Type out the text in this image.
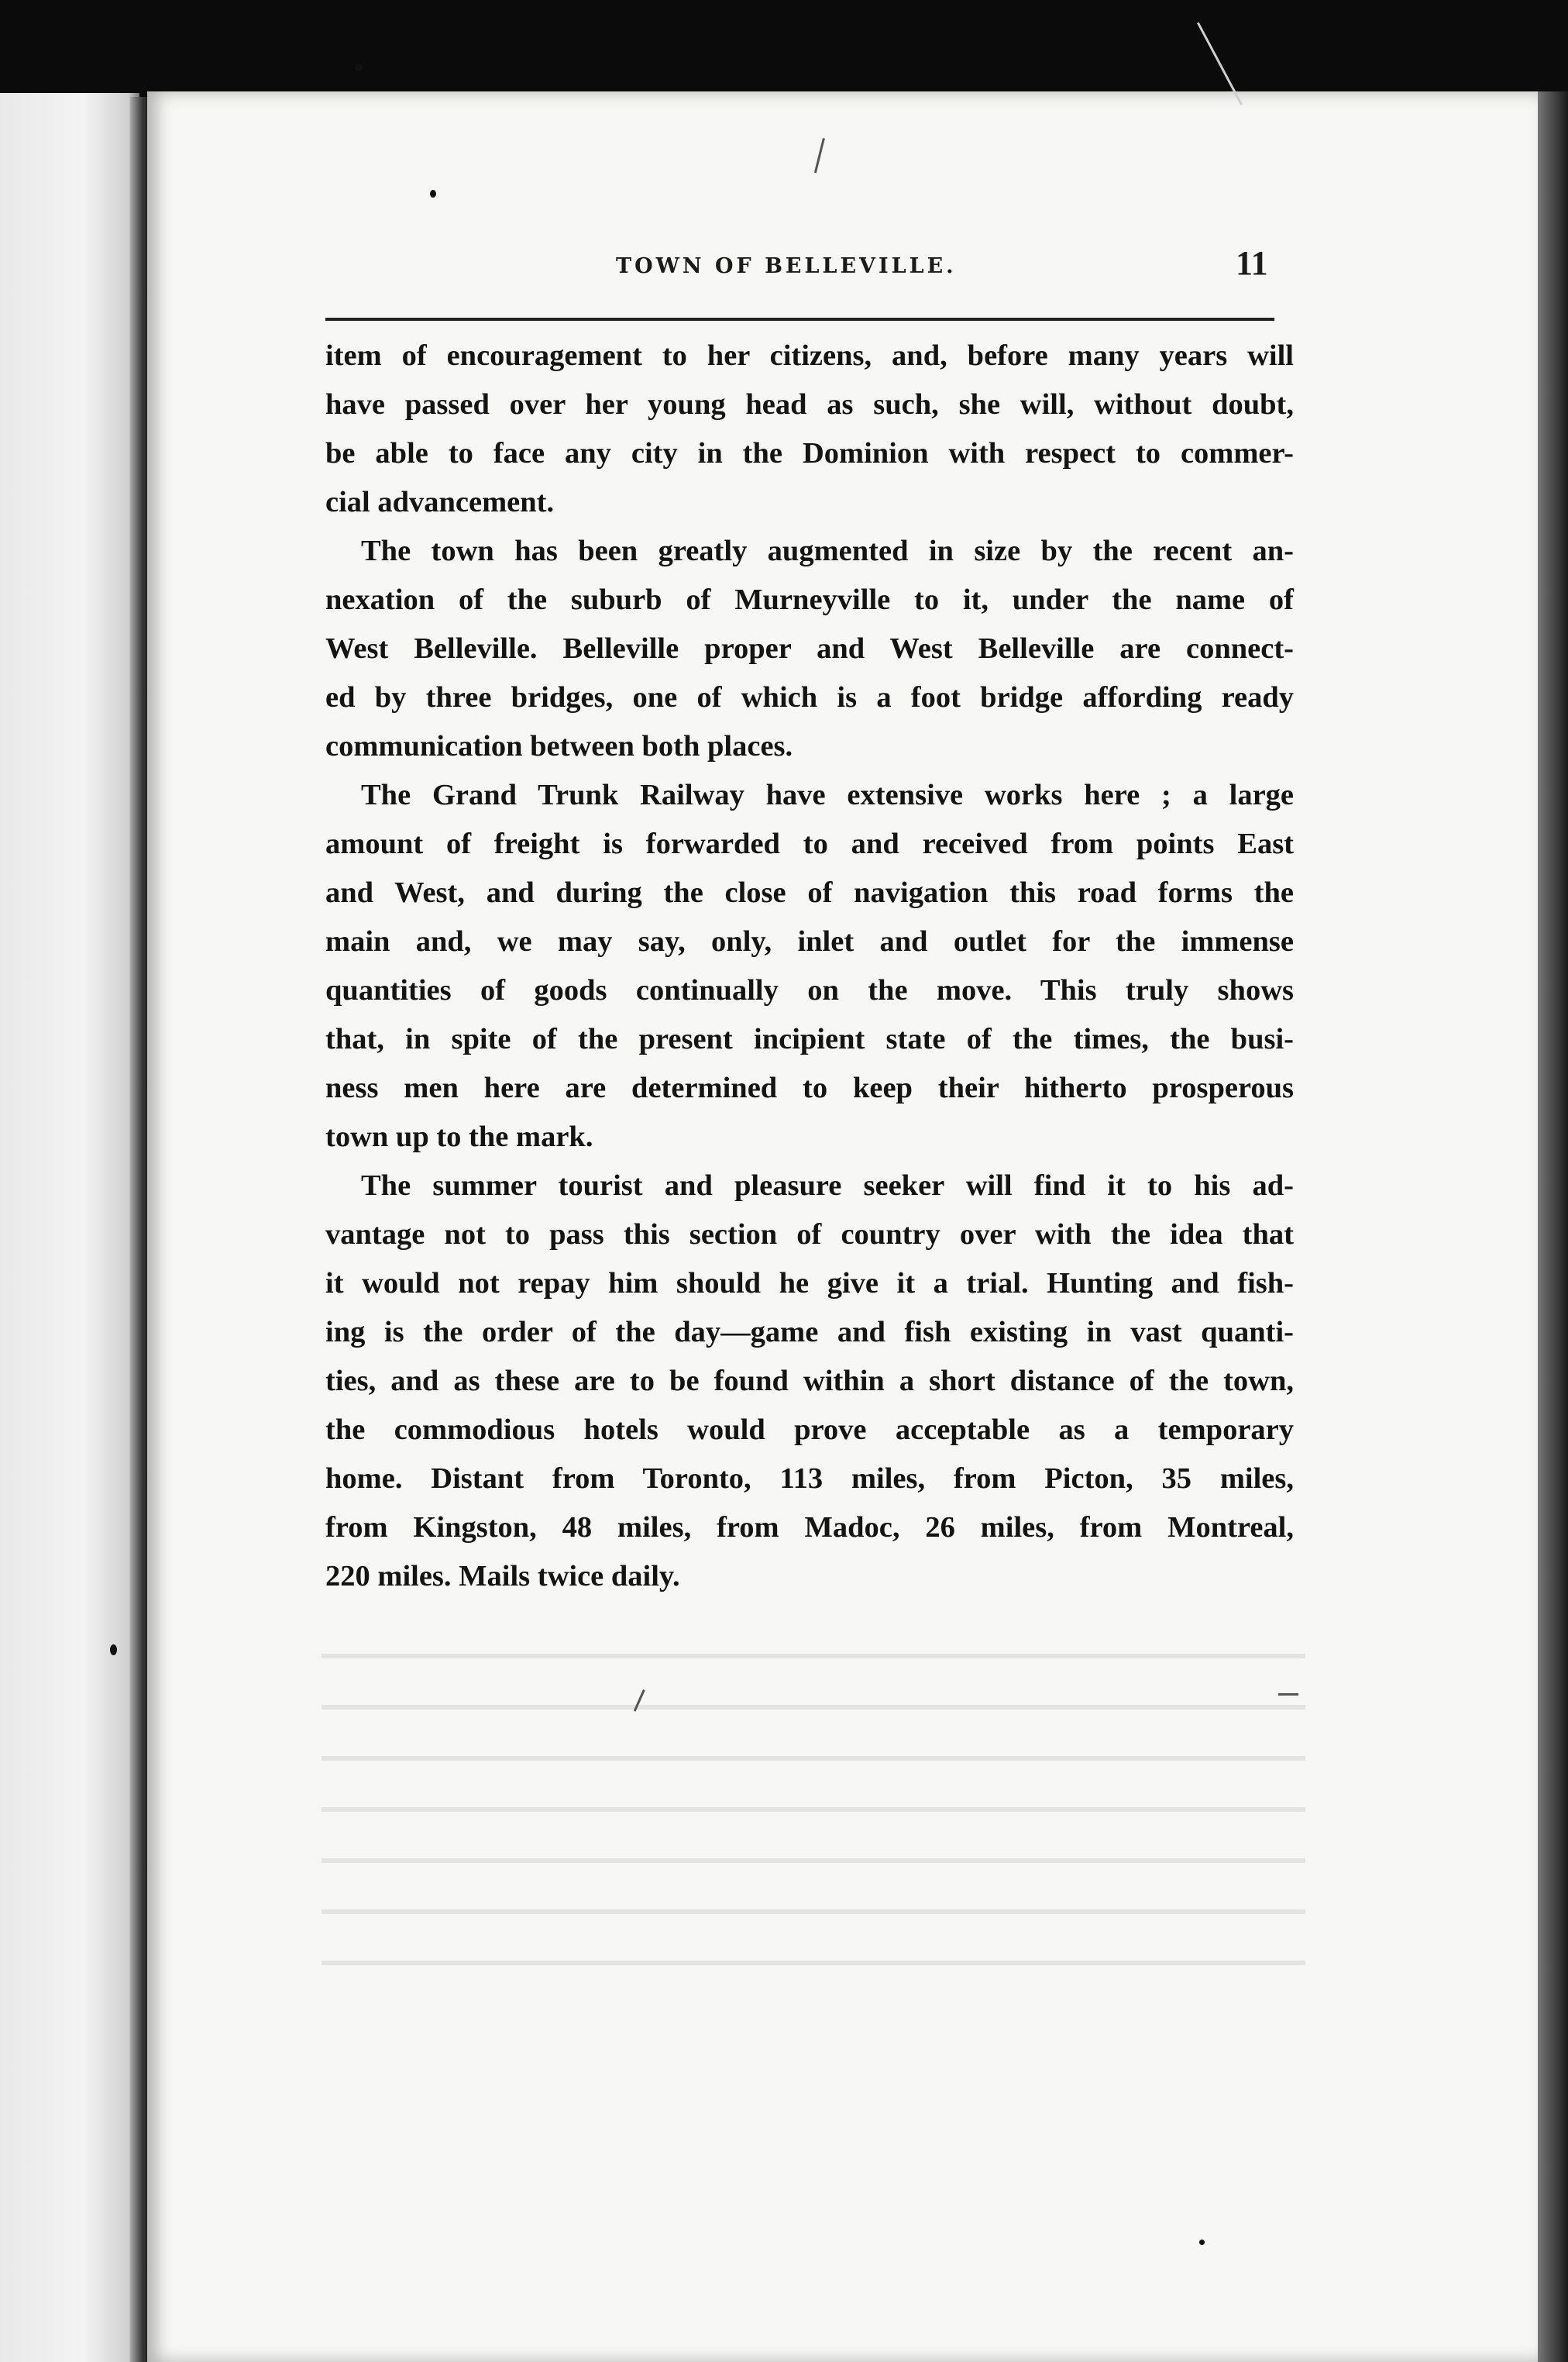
TOWN OF BELLEVILLE.	11

item of encouragement to her citizens, and, before many years will
have passed over her young head as such, she will, without doubt,
be able to face any city in the Dominion with respect to commer-
cial advancement.

The town has been greatly augmented in size by the recent an-
nexation of the suburb of Murneyville to it, under the name of
West Belleville. Belleville proper and West Belleville are connect-
ed by three bridges, one of which is a foot bridge affording ready
communication between both places.

The Grand Trunk Railway have extensive works here ; a large
amount of freight is forwarded to and received from points East
and West, and during the close of navigation this road forms the
main and, we may say, only, inlet and outlet for the immense
quantities of goods continually on the move. This truly shows
that, in spite of the present incipient state of the times, the busi-
ness men here are determined to keep their hitherto prosperous
town up to the mark.

The summer tourist and pleasure seeker will find it to his ad-
vantage not to pass this section of country over with the idea that
it would not repay him should he give it a trial. Hunting and fish-
ing is the order of the day—game and fish existing in vast quanti-
ties, and as these are to be found within a short distance of the town,
the commodious hotels would prove acceptable as a temporary
home. Distant from Toronto, 113 miles, from Picton, 35 miles,
from Kingston, 48 miles, from Madoc, 26 miles, from Montreal,
220 miles. Mails twice daily.
